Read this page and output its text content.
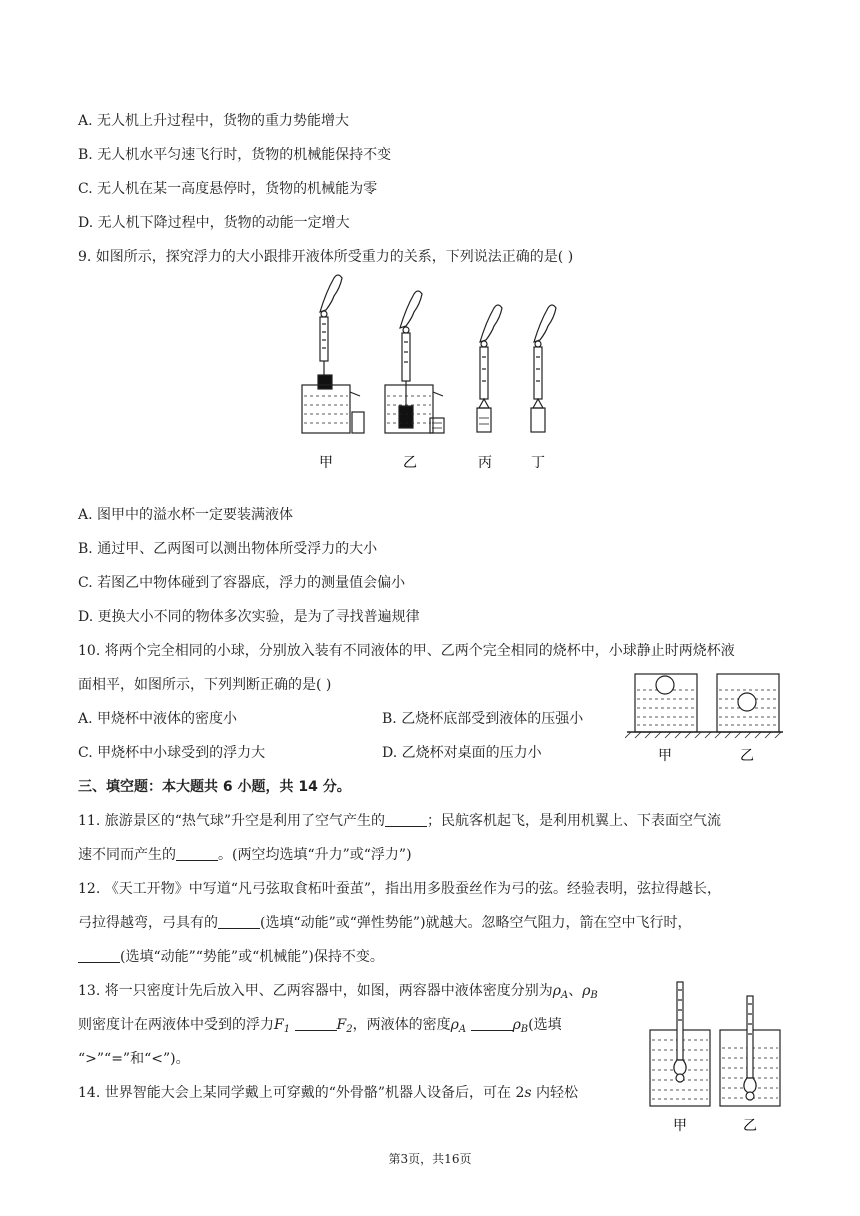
A. 无人机上升过程中，货物的重力势能增大
B. 无人机水平匀速飞行时，货物的机械能保持不变
C. 无人机在某一高度悬停时，货物的机械能为零
D. 无人机下降过程中，货物的动能一定增大
9. 如图所示，探究浮力的大小跟排开液体所受重力的关系，下列说法正确的是( )
甲	乙	丙	丁
A. 图甲中的溢水杯一定要装满液体
B. 通过甲、乙两图可以测出物体所受浮力的大小
C. 若图乙中物体碰到了容器底，浮力的测量值会偏小
D. 更换大小不同的物体多次实验，是为了寻找普遍规律
10. 将两个完全相同的小球，分别放入装有不同液体的甲、乙两个完全相同的烧杯中，小球静止时两烧杯液
面相平，如图所示，下列判断正确的是( )
A. 甲烧杯中液体的密度小	B. 乙烧杯底部受到液体的压强小
C. 甲烧杯中小球受到的浮力大	D. 乙烧杯对桌面的压力小	甲	乙
三、填空题：本大题共 6 小题，共 14 分。
11. 旅游景区的“热气球”升空是利用了空气产生的	；民航客机起飞，是利用机翼上、下表面空气流
速不同而产生的	。(两空均选填“升力”或“浮力”)
12. 《天工开物》中写道“凡弓弦取食柘叶蚕茧”，指出用多股蚕丝作为弓的弦。经验表明，弦拉得越长，
弓拉得越弯，弓具有的	(选填“动能”或“弹性势能”)就越大。忽略空气阻力，箭在空中飞行时，
(选填“动能”“势能”或“机械能”)保持不变。
13. 将一只密度计先后放入甲、乙两容器中，如图，两容器中液体密度分别为$\rho_A$、$\rho_B$
则密度计在两液体中受到的浮力$F_1$	$F_2$，两液体的密度$\rho_A$	$\rho_B$(选填
“>”“=”和“<”)。
甲	乙
14. 世界智能大会上某同学戴上可穿戴的“外骨骼”机器人设备后，可在 2s 内轻松
第3页，共16页
